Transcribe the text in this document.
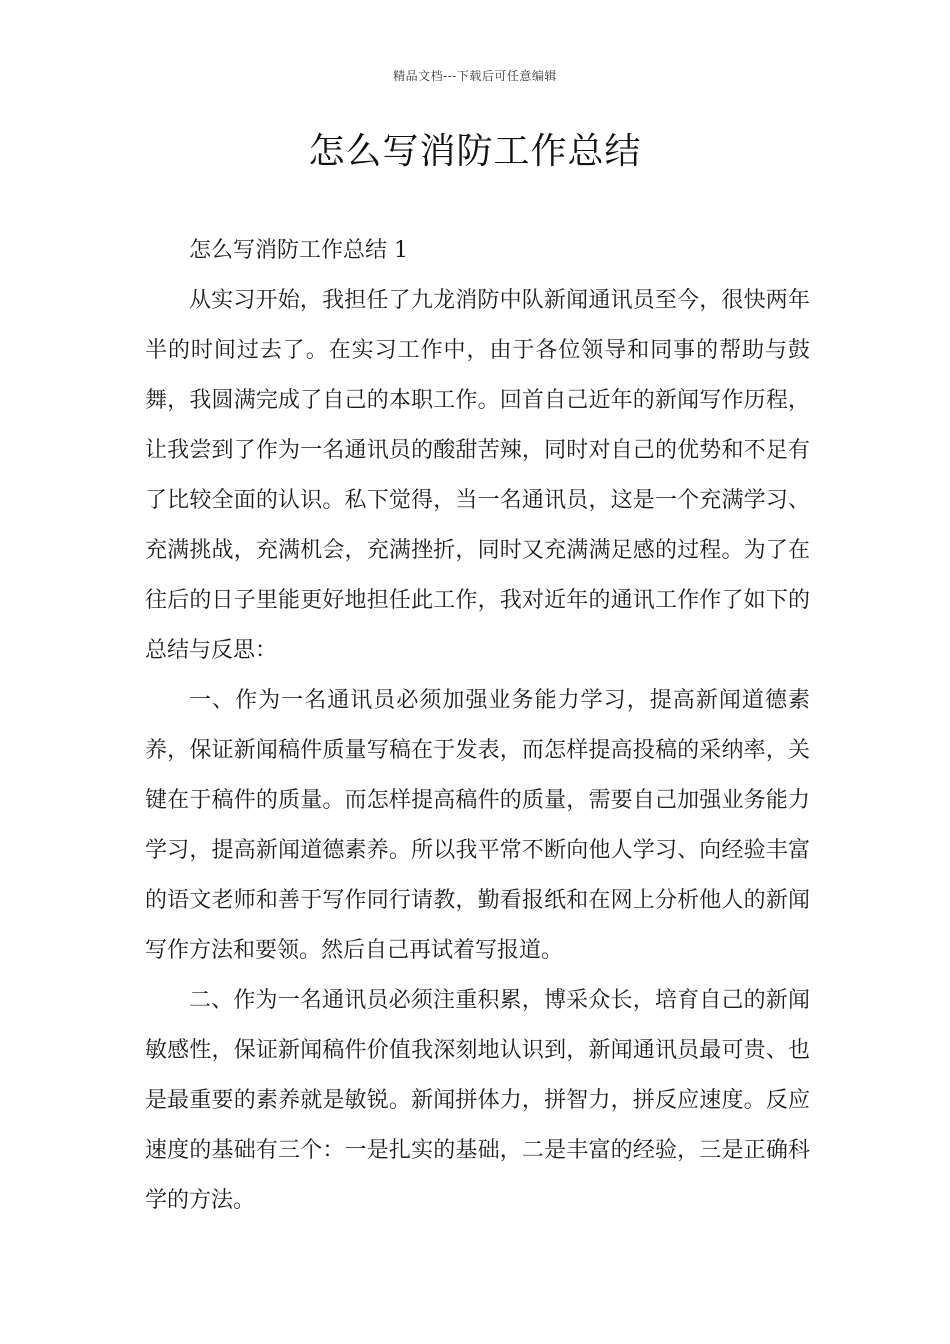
精品文档---下载后可任意编辑
怎么写消防工作总结

怎么写消防工作总结 1

从实习开始，我担任了九龙消防中队新闻通讯员至今，很快两年半的时间过去了。在实习工作中，由于各位领导和同事的帮助与鼓舞，我圆满完成了自己的本职工作。回首自己近年的新闻写作历程，让我尝到了作为一名通讯员的酸甜苦辣，同时对自己的优势和不足有了比较全面的认识。私下觉得，当一名通讯员，这是一个充满学习、充满挑战，充满机会，充满挫折，同时又充满满足感的过程。为了在往后的日子里能更好地担任此工作，我对近年的通讯工作作了如下的总结与反思：

一、作为一名通讯员必须加强业务能力学习，提高新闻道德素养，保证新闻稿件质量写稿在于发表，而怎样提高投稿的采纳率，关键在于稿件的质量。而怎样提高稿件的质量，需要自己加强业务能力学习，提高新闻道德素养。所以我平常不断向他人学习、向经验丰富的语文老师和善于写作同行请教，勤看报纸和在网上分析他人的新闻写作方法和要领。然后自己再试着写报道。

二、作为一名通讯员必须注重积累，博采众长，培育自己的新闻敏感性，保证新闻稿件价值我深刻地认识到，新闻通讯员最可贵、也是最重要的素养就是敏锐。新闻拼体力，拼智力，拼反应速度。反应速度的基础有三个：一是扎实的基础，二是丰富的经验，三是正确科学的方法。
